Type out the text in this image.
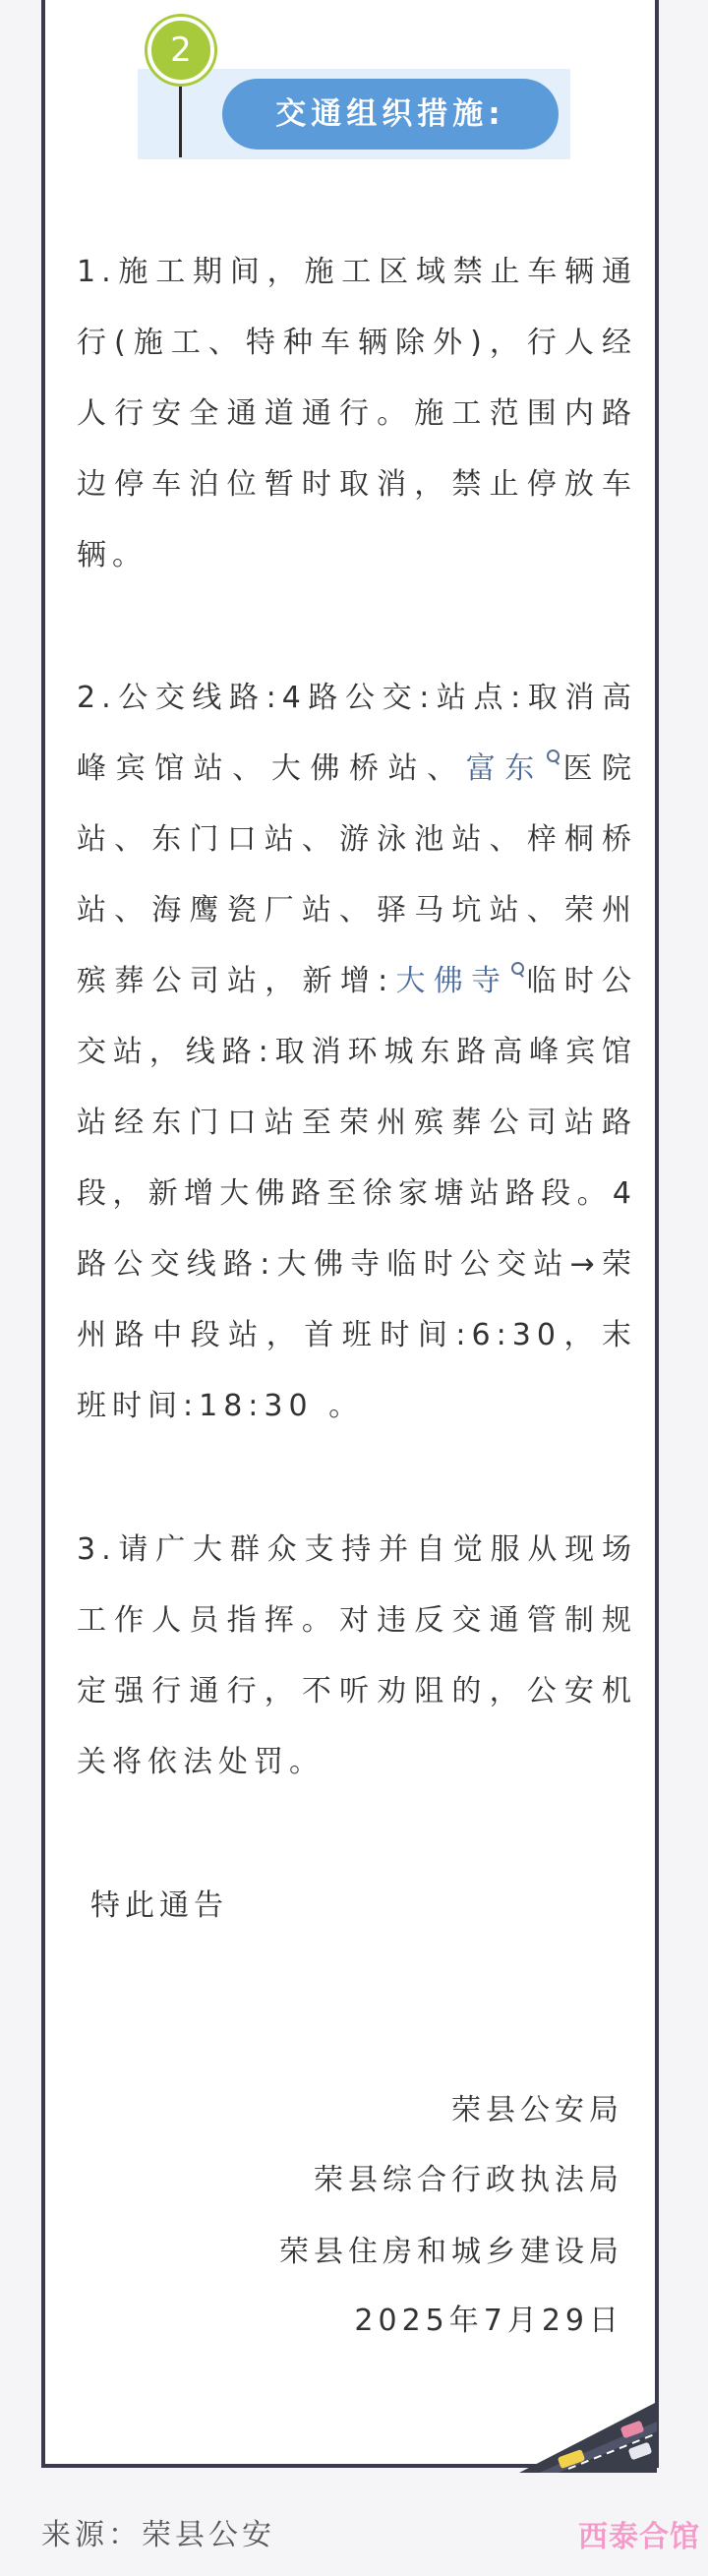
2
交通组织措施:

1.施工期间，施工区域禁止车辆通行(施工、特种车辆除外)，行人经人行安全通道通行。施工范围内路边停车泊位暂时取消，禁止停放车辆。

2.公交线路:4路公交:站点:取消高峰宾馆站、大佛桥站、富东 医院站、东门口站、游泳池站、梓桐桥站、海鹰瓷厂站、驿马坑站、荣州殡葬公司站，新增:大佛寺 临时公交站，线路:取消环城东路高峰宾馆站经东门口站至荣州殡葬公司站路段，新增大佛路至徐家塘站路段。4路公交线路:大佛寺临时公交站→荣州路中段站，首班时间:6:30，末班时间:18:30 。

3.请广大群众支持并自觉服从现场工作人员指挥。对违反交通管制规定强行通行，不听劝阻的，公安机关将依法处罚。

特此通告

荣县公安局

荣县综合行政执法局

荣县住房和城乡建设局

2025年7月29日

来源：荣县公安	西泰合馆
